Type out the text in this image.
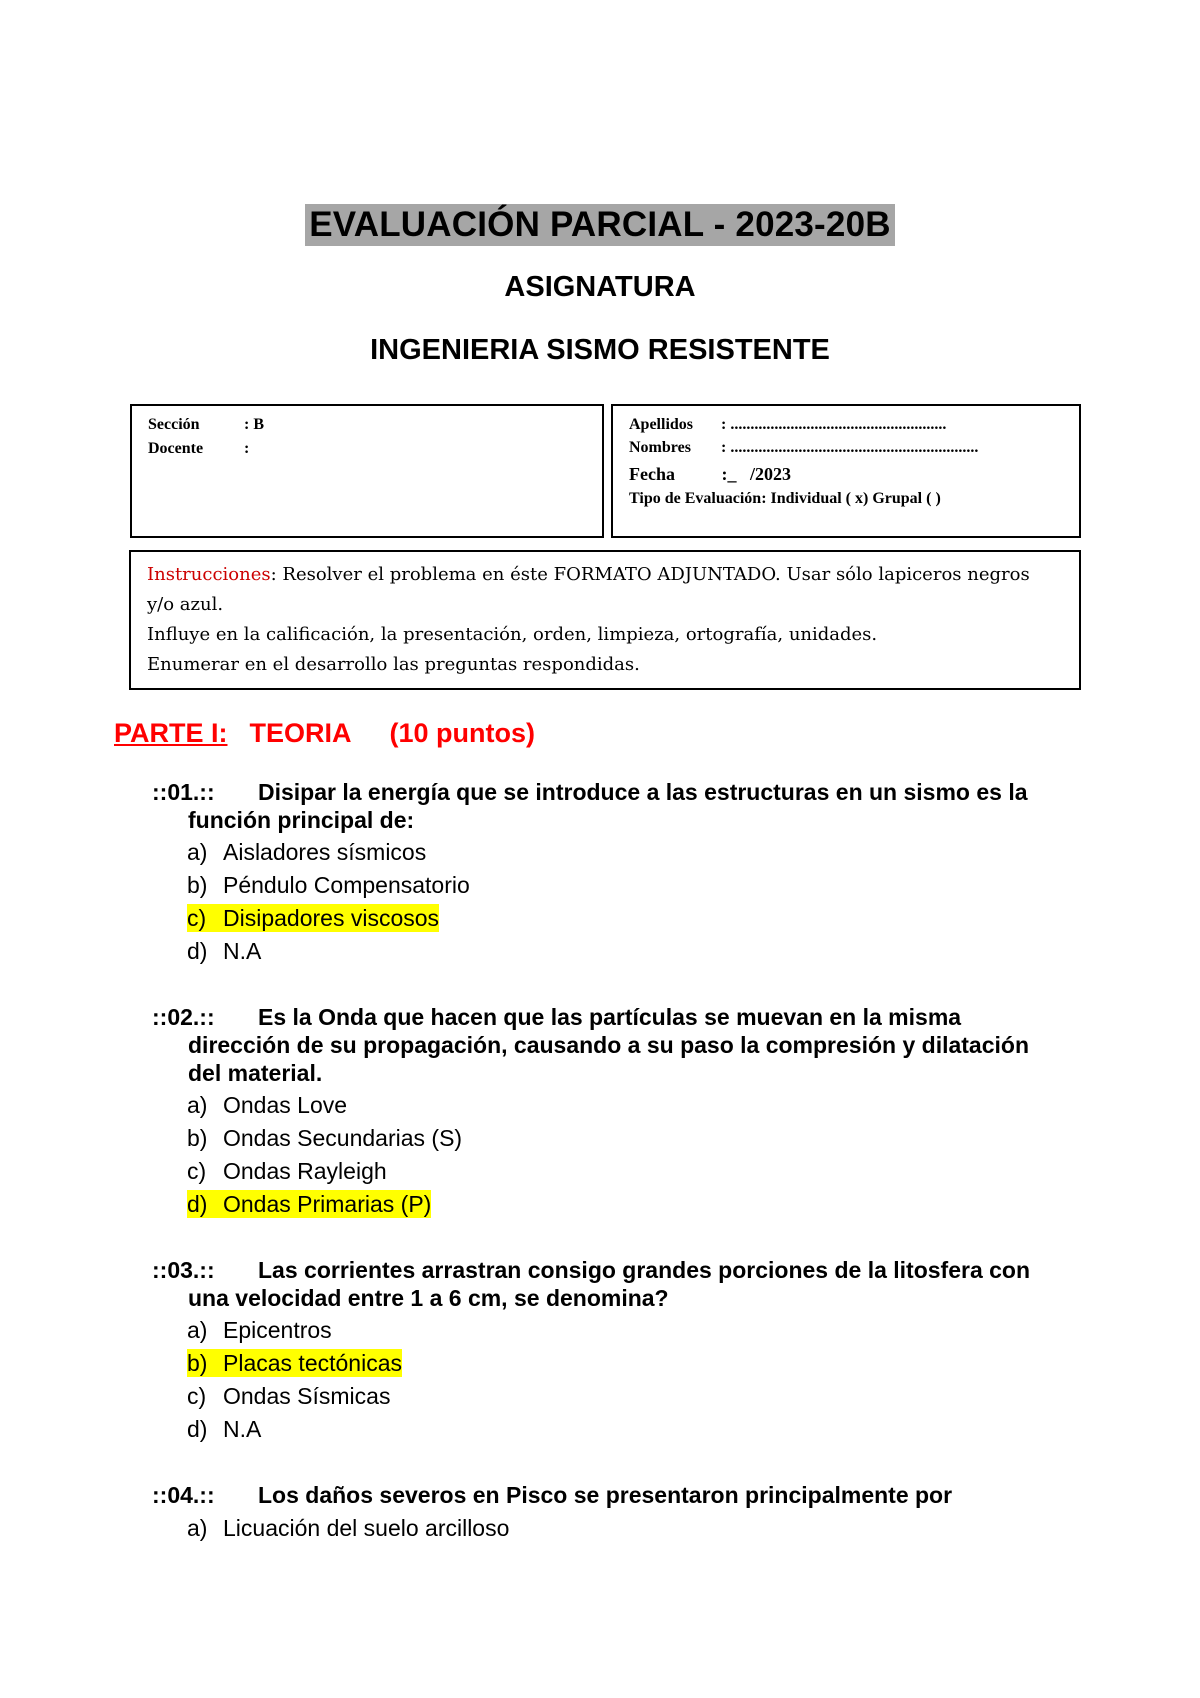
EVALUACIÓN PARCIAL - 2023-20B
ASIGNATURA
INGENIERIA SISMO RESISTENTE
Sección	: B
Docente	:
Apellidos : ......................................................
Nombres : ..............................................................
Fecha	:_   /2023
Tipo de Evaluación: Individual ( x) Grupal ( )
Instrucciones: Resolver el problema en éste FORMATO ADJUNTADO. Usar sólo lapiceros negros
y/o azul.
Influye en la calificación, la presentación, orden, limpieza, ortografía, unidades.
Enumerar en el desarrollo las preguntas respondidas.
PARTE I: TEORIA (10 puntos)
::01.:: Disipar la energía que se introduce a las estructuras en un sismo es la
función principal de:
a) Aisladores sísmicos
b) Péndulo Compensatorio
c) Disipadores viscosos
d) N.A
::02.:: Es la Onda que hacen que las partículas se muevan en la misma
dirección de su propagación, causando a su paso la compresión y dilatación
del material.
a) Ondas Love
b) Ondas Secundarias (S)
c) Ondas Rayleigh
d) Ondas Primarias (P)
::03.:: Las corrientes arrastran consigo grandes porciones de la litosfera con
una velocidad entre 1 a 6 cm, se denomina?
a) Epicentros
b) Placas tectónicas
c) Ondas Sísmicas
d) N.A
::04.:: Los daños severos en Pisco se presentaron principalmente por
a) Licuación del suelo arcilloso
